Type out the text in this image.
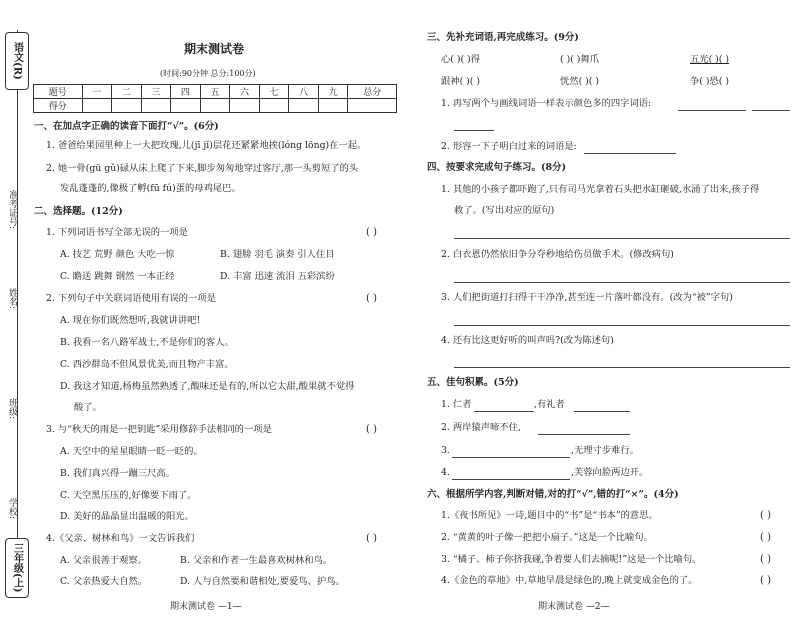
语文(R)
三年级(上)
学校:
班级:
姓名:
准考证号:
期末测试卷
(时间:90分钟 总分:100分)
题号	一	二	三	四	五	六	七	八	九	总分
得分										
一、在加点字正确的读音下面打“√”。(6分)
1. 爸爸给果园里种上一大把玫瑰,儿(jī jǐ)层花还紧紧地挨(lóng lōng)在一起。
2. 她一骨(gū gǔ)碌从床上爬了下来,脚步匆匆地穿过客厅,那一头剪短了的头
发乱蓬蓬的,像极了孵(fū fú)蛋的母鸡尾巴。
二、选择题。(12分)
1. 下列词语书写全部无误的一项是	( )
A. 技艺 荒野 颜色 大吃一惊	B. 翅膀 羽毛 演奏 引人住目
C. 瞻送 跳舞 钢然 一本正经	D. 丰富 迅速 流泪 五彩滨纷
2. 下列句子中关联词语使用有误的一项是	( )
A. 现在你们既然想听,我就讲讲吧!
B. 我看一名八路军战士,不是你们的客人。
C. 西沙群岛不但风景优美,而且物产丰富。
D. 我这才知道,杨梅虽然熟透了,酸味还是有的,所以它太甜,酸果就不觉得
酸了。
3. 与“秋天的雨是一把钥匙”采用修辞手法相同的一项是	( )
A. 天空中的星星眼睛一眨一眨的。
B. 我们真兴得一蹦三尺高。
C. 天空黑压压的,好像要下雨了。
D. 美好的晶晶显出温暖的阳光。
4.《父亲、树林和鸟》一文告诉我们	( )
A. 父亲很善于观察。	B. 父亲和作者一生最喜欢树林和鸟。
C. 父亲热爱大自然。	D. 人与自然要和谐相处,要爱鸟、护鸟。
期末测试卷 —1—
三、先补充词语,再完成练习。(9分)
心( )( )得	( )( )舞爪	五光( )( )
跟神( )( )	恍然( )( )	争( )恐( )
1. 再写两个与画线词语一样表示颜色多的四字词语:
2. 形容一下子明白过来的词语是:
四、按要求完成句子练习。(8分)
1. 其他的小孩子都吓跑了,只有司马光拿着石头把水缸砸破,水涌了出来,孩子得
救了。(写出对应的原句)
2. 白衣恩仍然依旧争分夺秒地给伤员做手术。(修改病句)
3. 人们把街道打扫得干干净净,甚至连一片落叶都没有。(改为“被”字句)
4. 还有比这更好听的叫声吗?(改为陈述句)
五、佳句积累。(5分)
1. 仁者	,有礼者
2. 两岸猿声啼不住,
3.	,无理寸步难行。
4.	,芙蓉向脸两边开。
六、根据所学内容,判断对错,对的打“√”,错的打“×”。(4分)
1.《夜书所见》一诗,题目中的“书”是“书本”的意思。	( )
2. “黄黄的叶子像一把把小扇子。”这是一个比喻句。	( )
3. “橘子、柿子你挤我碰,争着要人们去摘呢!”这是一个比喻句。	( )
4.《金色的草地》中,草地早晨是绿色的,晚上就变成金色的了。	( )
期末测试卷 —2—
